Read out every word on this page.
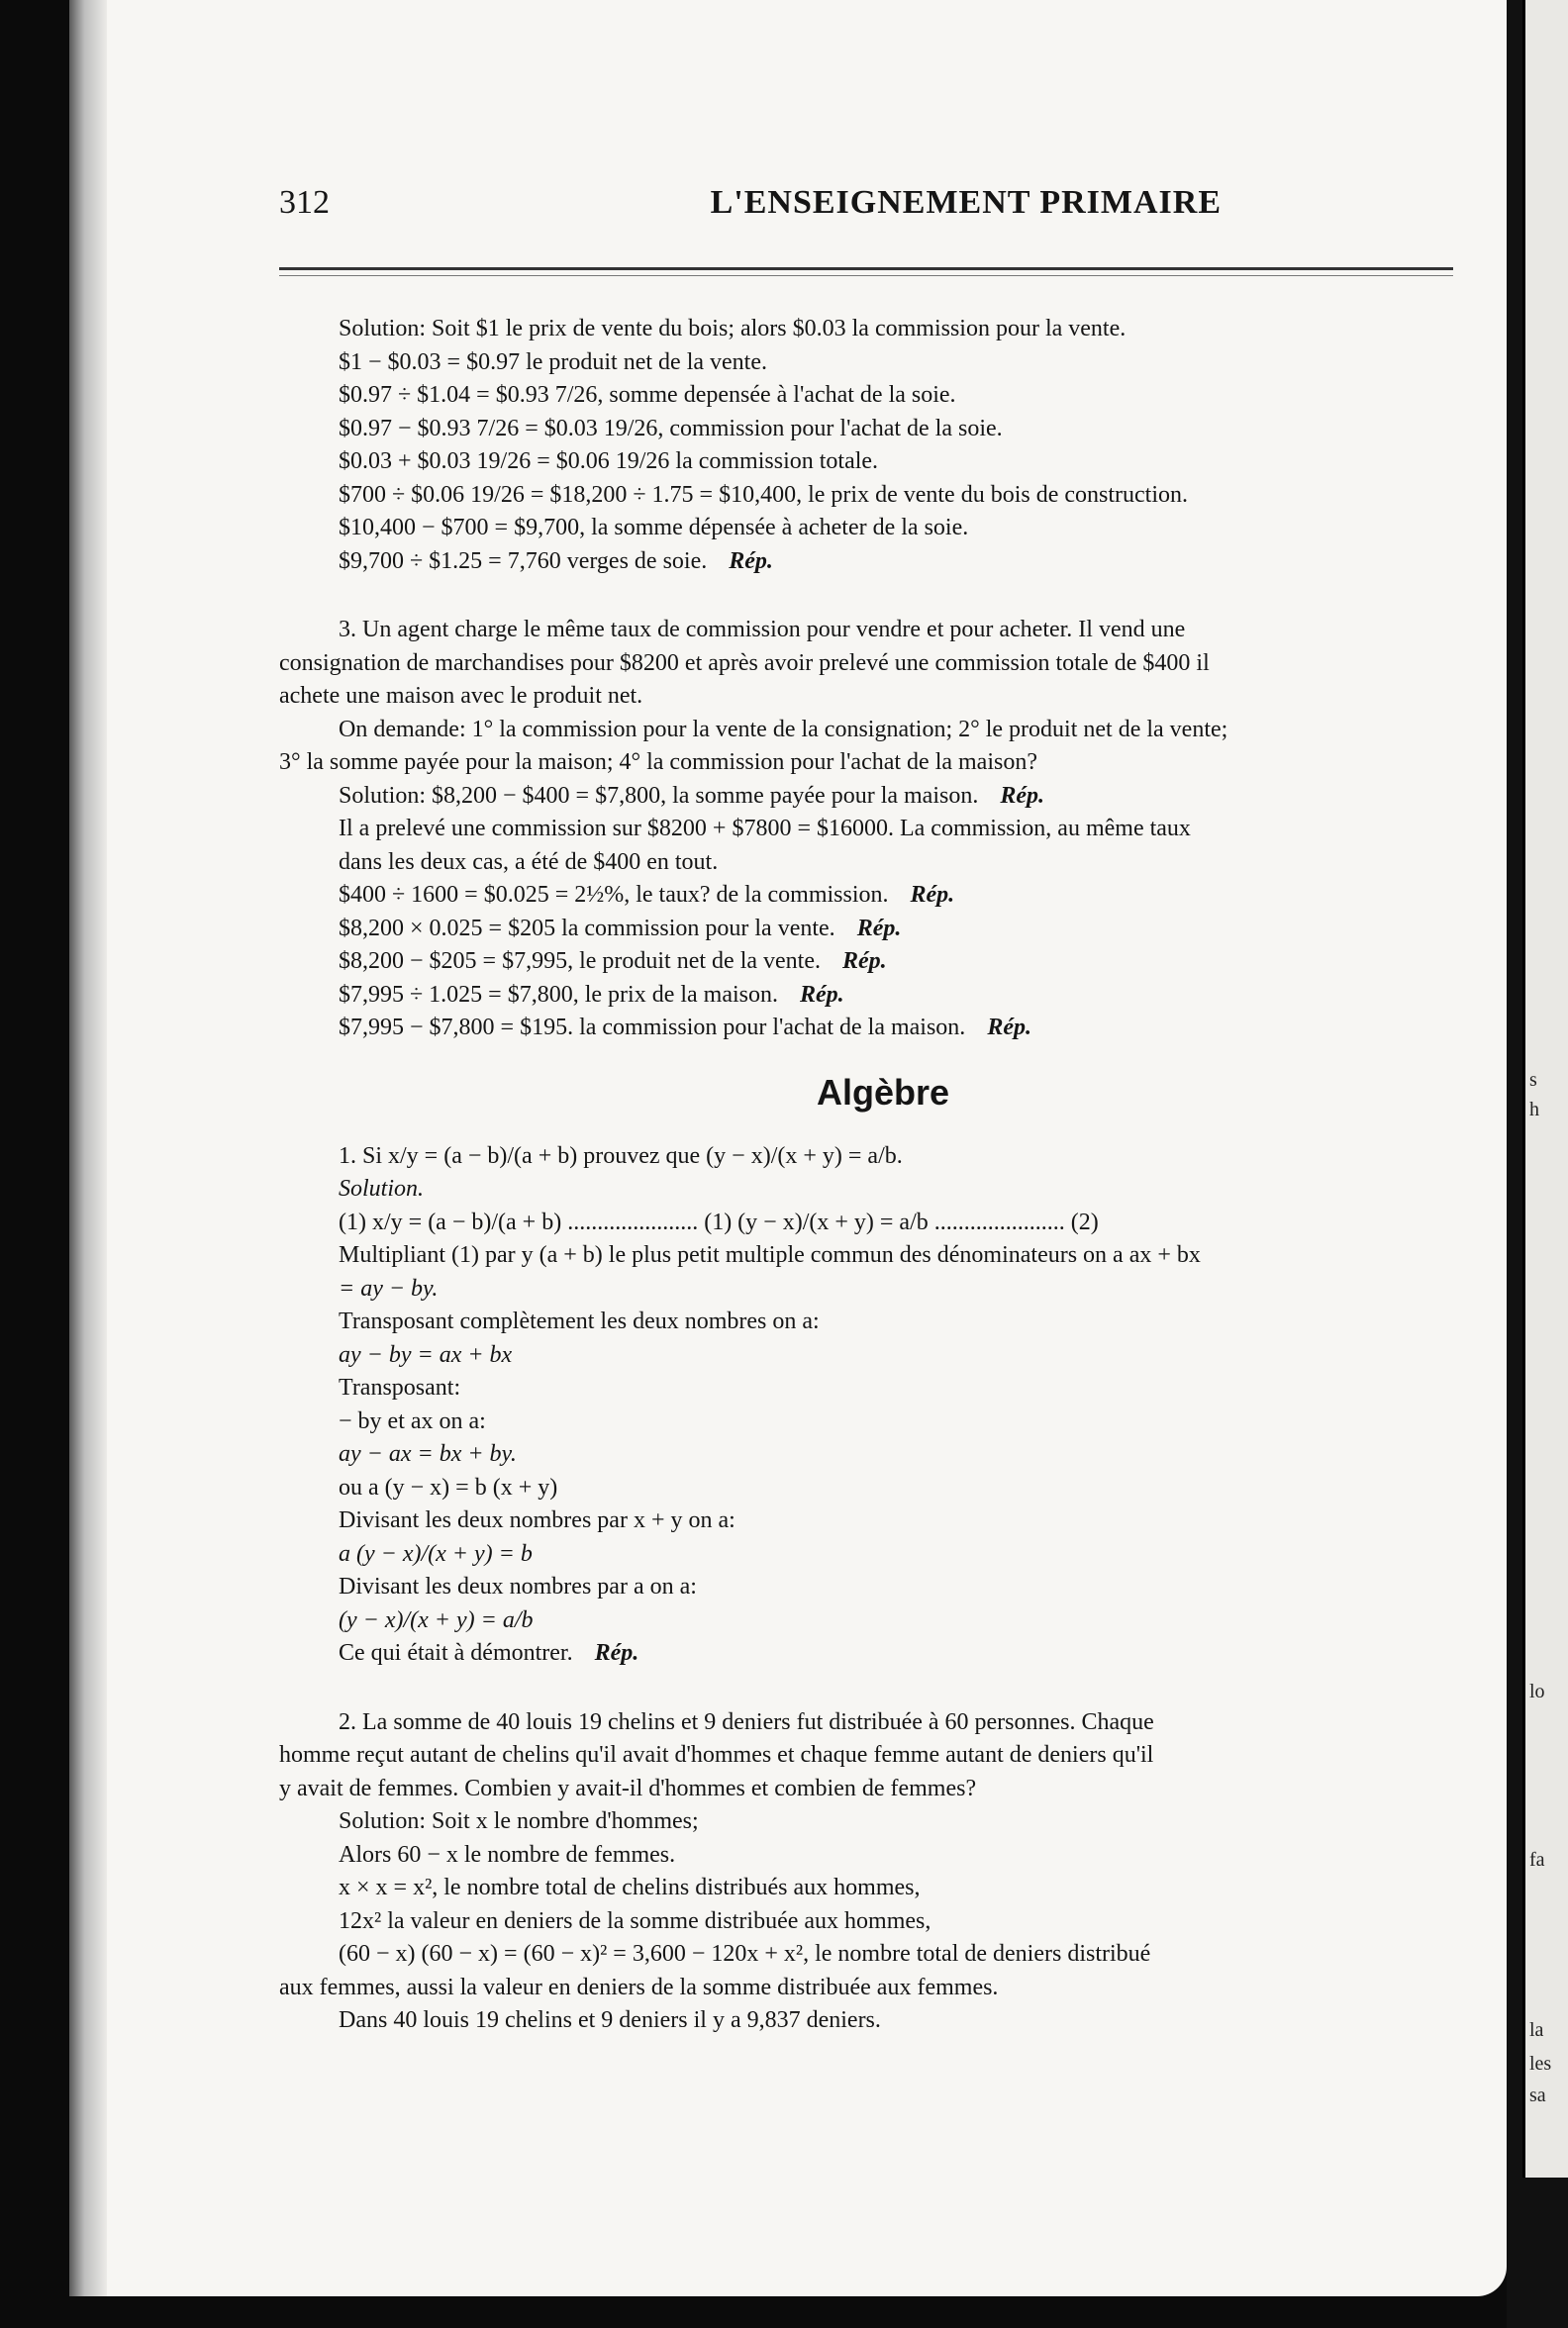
s
h
lo
fa
la
les
sa
312	L'ENSEIGNEMENT PRIMAIRE
Solution: Soit $1 le prix de vente du bois; alors $0.03 la commission pour la vente.
$1 − $0.03 = $0.97 le produit net de la vente.
$0.97 ÷ $1.04 = $0.93 7/26, somme depensée à l'achat de la soie.
$0.97 − $0.93 7/26 = $0.03 19/26, commission pour l'achat de la soie.
$0.03 + $0.03 19/26 = $0.06 19/26 la commission totale.
$700 ÷ $0.06 19/26 = $18,200 ÷ 1.75 = $10,400, le prix de vente du bois de construction.
$10,400 − $700 = $9,700, la somme dépensée à acheter de la soie.
$9,700 ÷ $1.25 = 7,760 verges de soie. Rép.
3. Un agent charge le même taux de commission pour vendre et pour acheter. Il vend une
consignation de marchandises pour $8200 et après avoir prelevé une commission totale de $400 il
achete une maison avec le produit net.
On demande: 1° la commission pour la vente de la consignation; 2° le produit net de la vente;
3° la somme payée pour la maison; 4° la commission pour l'achat de la maison?
Solution: $8,200 − $400 = $7,800, la somme payée pour la maison. Rép.
Il a prelevé une commission sur $8200 + $7800 = $16000. La commission, au même taux
dans les deux cas, a été de $400 en tout.
$400 ÷ 1600 = $0.025 = 2½%, le taux? de la commission. Rép.
$8,200 × 0.025 = $205 la commission pour la vente. Rép.
$8,200 − $205 = $7,995, le produit net de la vente. Rép.
$7,995 ÷ 1.025 = $7,800, le prix de la maison. Rép.
$7,995 − $7,800 = $195. la commission pour l'achat de la maison. Rép.
Algèbre
1. Si x/y = (a − b)/(a + b) prouvez que (y − x)/(x + y) = a/b.
Solution.
(1) x/y = (a − b)/(a + b) ...................... (1) (y − x)/(x + y) = a/b ...................... (2)
Multipliant (1) par y (a + b) le plus petit multiple commun des dénominateurs on a ax + bx
= ay − by.
Transposant complètement les deux nombres on a:
ay − by = ax + bx
Transposant:
− by et ax on a:
ay − ax = bx + by.
ou a (y − x) = b (x + y)
Divisant les deux nombres par x + y on a:
a (y − x)/(x + y) = b
Divisant les deux nombres par a on a:
(y − x)/(x + y) = a/b
Ce qui était à démontrer. Rép.
2. La somme de 40 louis 19 chelins et 9 deniers fut distribuée à 60 personnes. Chaque
homme reçut autant de chelins qu'il avait d'hommes et chaque femme autant de deniers qu'il
y avait de femmes. Combien y avait-il d'hommes et combien de femmes?
Solution: Soit x le nombre d'hommes;
Alors 60 − x le nombre de femmes.
x × x = x², le nombre total de chelins distribués aux hommes,
12x² la valeur en deniers de la somme distribuée aux hommes,
(60 − x) (60 − x) = (60 − x)² = 3,600 − 120x + x², le nombre total de deniers distribué
aux femmes, aussi la valeur en deniers de la somme distribuée aux femmes.
Dans 40 louis 19 chelins et 9 deniers il y a 9,837 deniers.
